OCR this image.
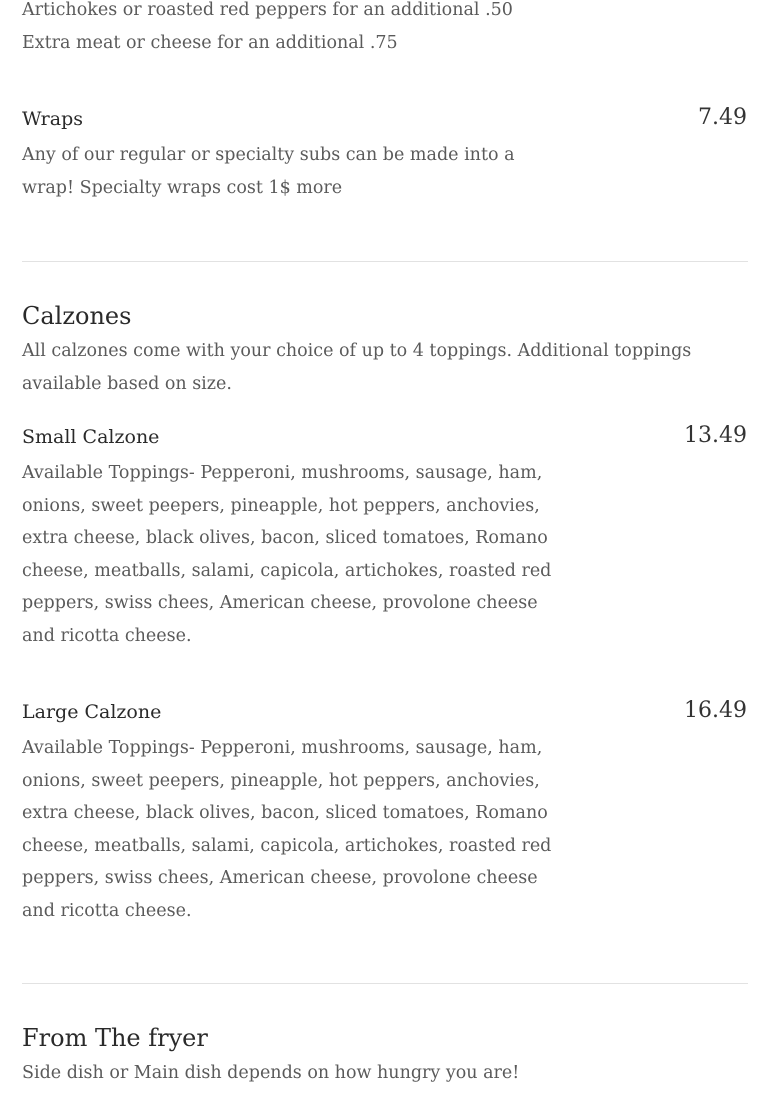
Artichokes or roasted red peppers for an additional .50 Extra meat or cheese for an additional .75
Wraps	7.49
Any of our regular or specialty subs can be made into a wrap! Specialty wraps cost 1$ more
Calzones
All calzones come with your choice of up to 4 toppings. Additional toppings available based on size.
Small Calzone	13.49
Available Toppings- Pepperoni, mushrooms, sausage, ham, onions, sweet peepers, pineapple, hot peppers, anchovies, extra cheese, black olives, bacon, sliced tomatoes, Romano cheese, meatballs, salami, capicola, artichokes, roasted red peppers, swiss chees, American cheese, provolone cheese and ricotta cheese.
Large Calzone	16.49
Available Toppings- Pepperoni, mushrooms, sausage, ham, onions, sweet peepers, pineapple, hot peppers, anchovies, extra cheese, black olives, bacon, sliced tomatoes, Romano cheese, meatballs, salami, capicola, artichokes, roasted red peppers, swiss chees, American cheese, provolone cheese and ricotta cheese.
From The fryer
Side dish or Main dish depends on how hungry you are!
